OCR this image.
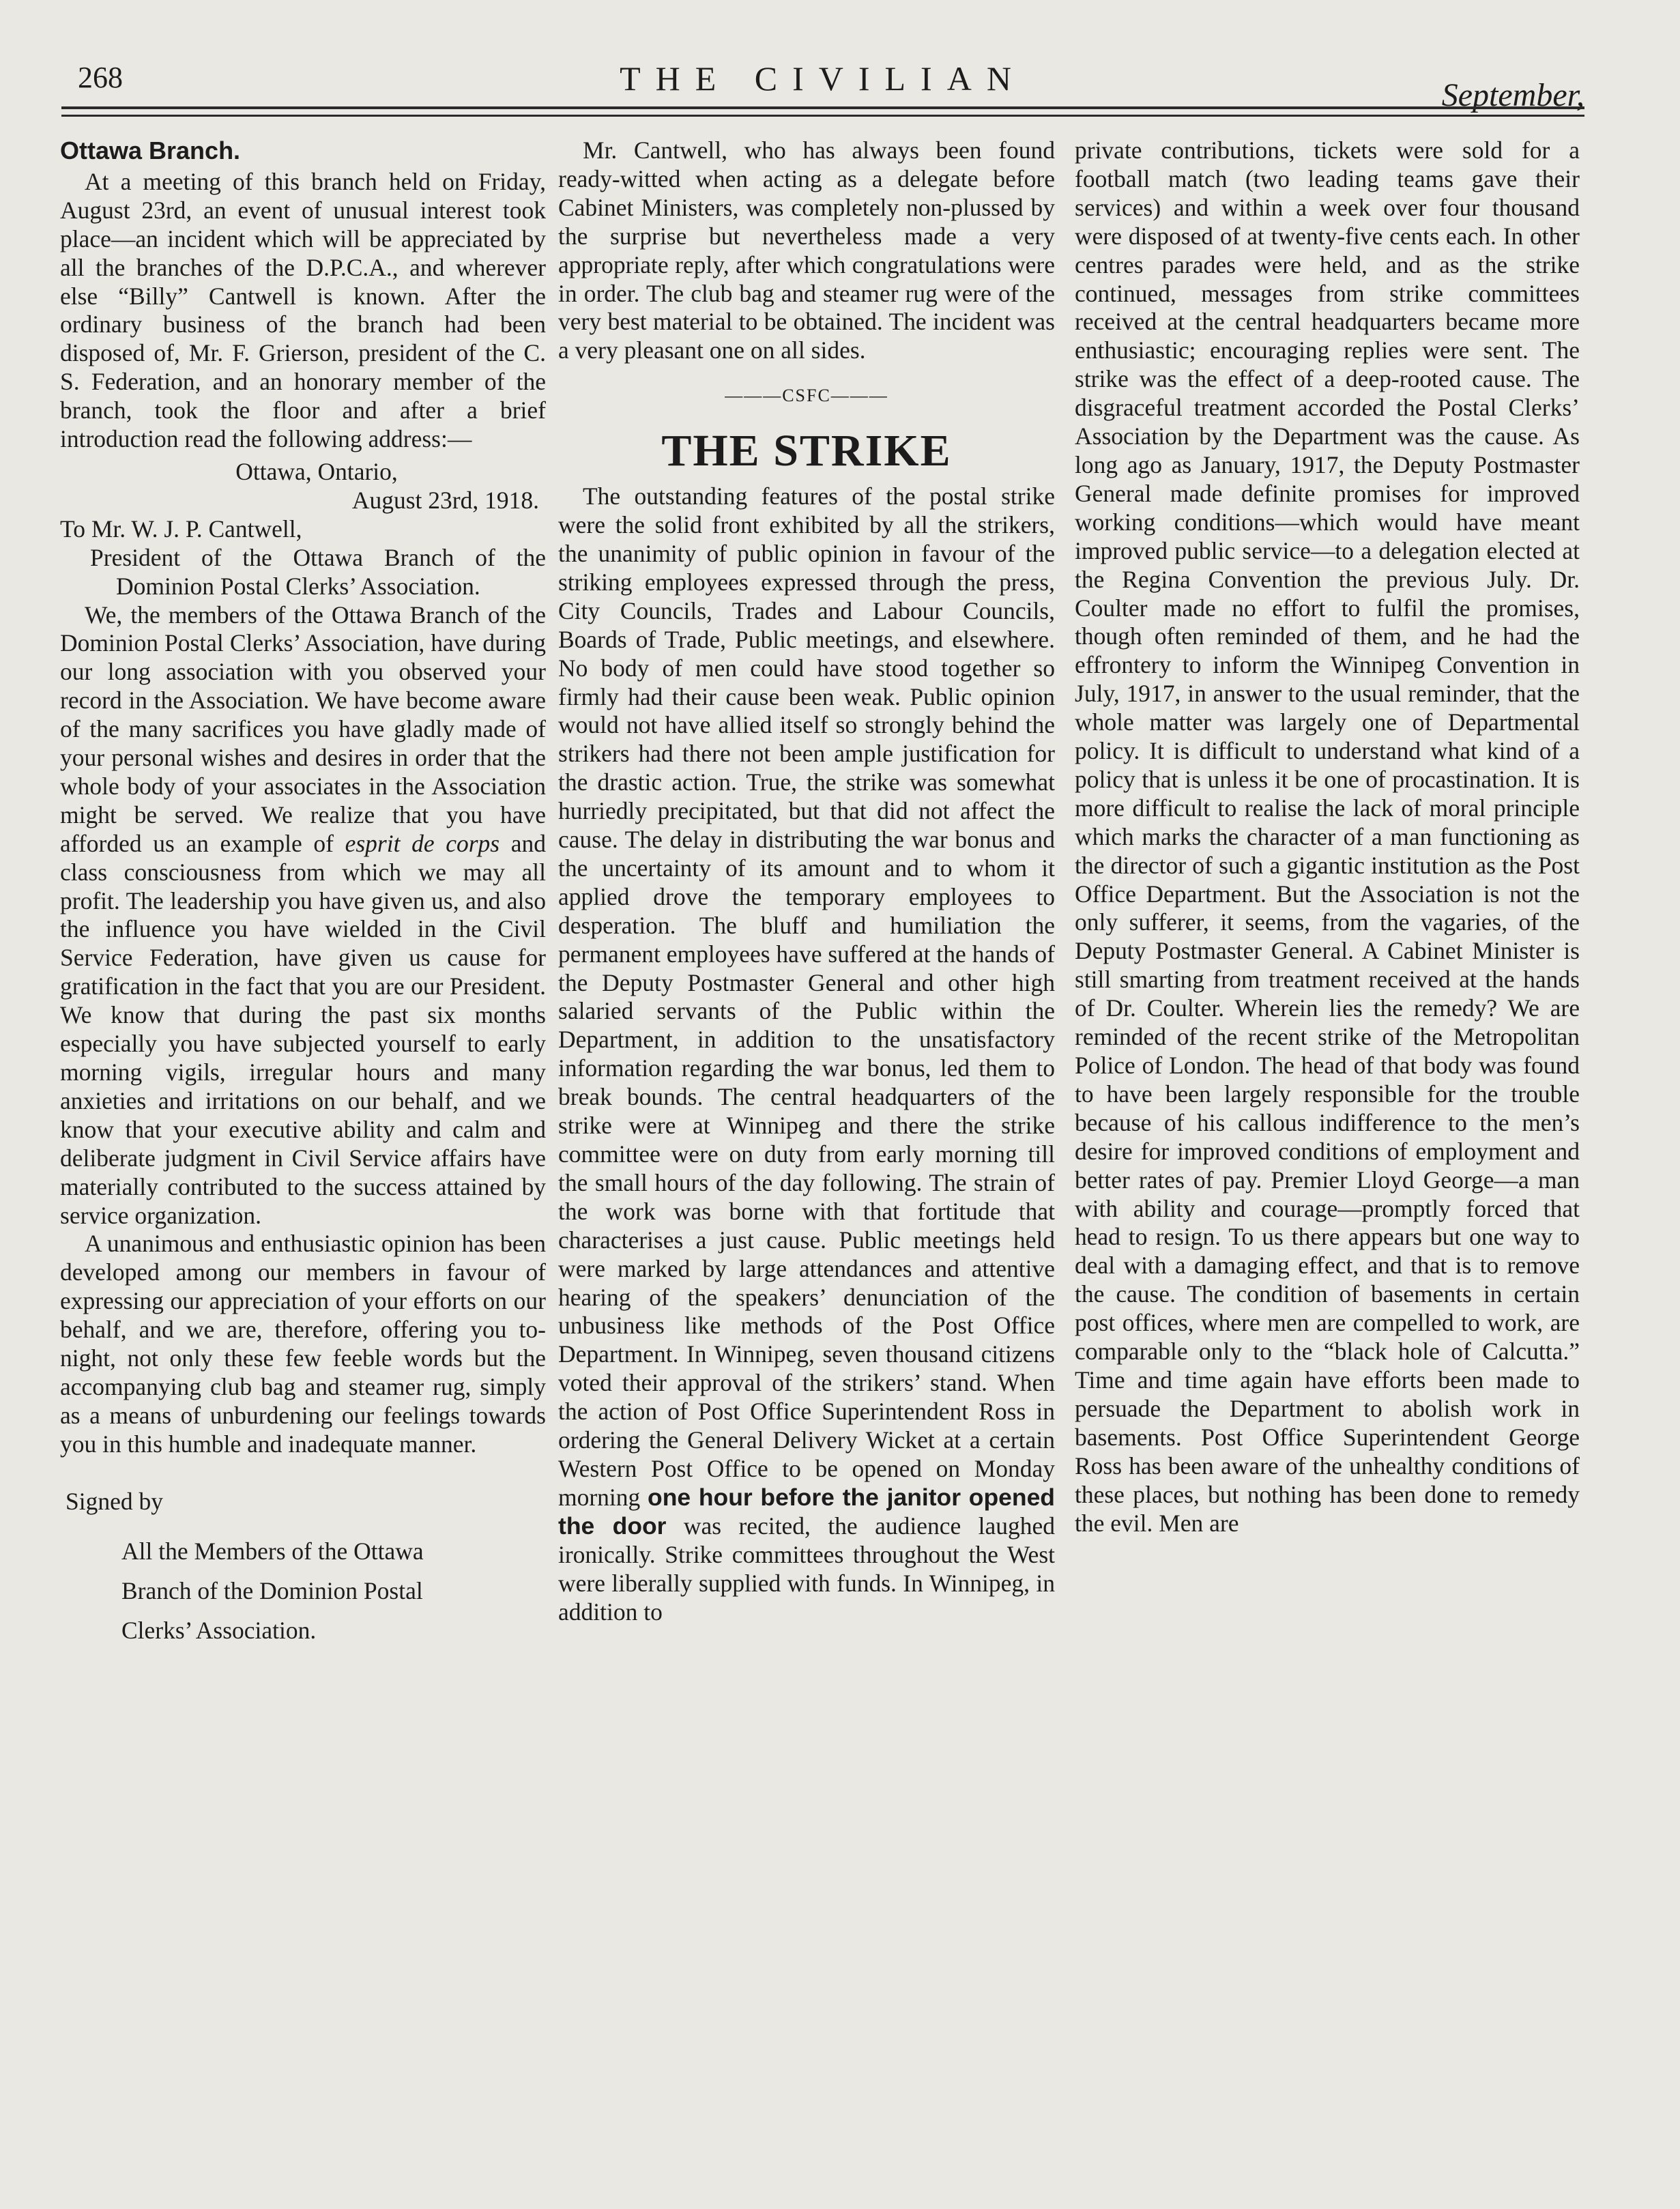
268	THE CIVILIAN	September,

Ottawa Branch.

At a meeting of this branch held on Friday, August 23rd, an event of unusual interest took place—an incident which will be appreciated by all the branches of the D.P.C.A., and wherever else “Billy” Cantwell is known. After the ordinary business of the branch had been disposed of, Mr. F. Grierson, president of the C. S. Federation, and an honorary member of the branch, took the floor and after a brief introduction read the following address:—

Ottawa, Ontario,

August 23rd, 1918.

To Mr. W. J. P. Cantwell,

President of the Ottawa Branch of the Dominion Postal Clerks’ Association.

We, the members of the Ottawa Branch of the Dominion Postal Clerks’ Association, have during our long association with you observed your record in the Association. We have become aware of the many sacrifices you have gladly made of your personal wishes and desires in order that the whole body of your associates in the Association might be served. We realize that you have afforded us an example of esprit de corps and class consciousness from which we may all profit. The leadership you have given us, and also the influence you have wielded in the Civil Service Federation, have given us cause for gratification in the fact that you are our President. We know that during the past six months especially you have subjected yourself to early morning vigils, irregular hours and many anxieties and irritations on our behalf, and we know that your executive ability and calm and deliberate judgment in Civil Service affairs have materially contributed to the success attained by service organization.

A unanimous and enthusiastic opinion has been developed among our members in favour of expressing our appreciation of your efforts on our behalf, and we are, therefore, offering you to-night, not only these few feeble words but the accompanying club bag and steamer rug, simply as a means of unburdening our feelings towards you in this humble and inadequate manner.

Signed by

All the Members of the Ottawa
Branch of the Dominion Postal
Clerks’ Association.

Mr. Cantwell, who has always been found ready-witted when acting as a delegate before Cabinet Ministers, was completely non-plussed by the surprise but nevertheless made a very appropriate reply, after which congratulations were in order. The club bag and steamer rug were of the very best material to be obtained. The incident was a very pleasant one on all sides.

———CSFC———

THE STRIKE

The outstanding features of the postal strike were the solid front exhibited by all the strikers, the unanimity of public opinion in favour of the striking employees expressed through the press, City Councils, Trades and Labour Councils, Boards of Trade, Public meetings, and elsewhere. No body of men could have stood together so firmly had their cause been weak. Public opinion would not have allied itself so strongly behind the strikers had there not been ample justification for the drastic action. True, the strike was somewhat hurriedly precipitated, but that did not affect the cause. The delay in distributing the war bonus and the uncertainty of its amount and to whom it applied drove the temporary employees to desperation. The bluff and humiliation the permanent employees have suffered at the hands of the Deputy Postmaster General and other high salaried servants of the Public within the Department, in addition to the unsatisfactory information regarding the war bonus, led them to break bounds. The central headquarters of the strike were at Winnipeg and there the strike committee were on duty from early morning till the small hours of the day following. The strain of the work was borne with that fortitude that characterises a just cause. Public meetings held were marked by large attendances and attentive hearing of the speakers’ denunciation of the unbusiness like methods of the Post Office Department. In Winnipeg, seven thousand citizens voted their approval of the strikers’ stand. When the action of Post Office Superintendent Ross in ordering the General Delivery Wicket at a certain Western Post Office to be opened on Monday morning one hour before the janitor opened the door was recited, the audience laughed ironically. Strike committees throughout the West were liberally supplied with funds. In Winnipeg, in addition to

private contributions, tickets were sold for a football match (two leading teams gave their services) and within a week over four thousand were disposed of at twenty-five cents each. In other centres parades were held, and as the strike continued, messages from strike committees received at the central headquarters became more enthusiastic; encouraging replies were sent. The strike was the effect of a deep-rooted cause. The disgraceful treatment accorded the Postal Clerks’ Association by the Department was the cause. As long ago as January, 1917, the Deputy Postmaster General made definite promises for improved working conditions—which would have meant improved public service—to a delegation elected at the Regina Convention the previous July. Dr. Coulter made no effort to fulfil the promises, though often reminded of them, and he had the effrontery to inform the Winnipeg Convention in July, 1917, in answer to the usual reminder, that the whole matter was largely one of Departmental policy. It is difficult to understand what kind of a policy that is unless it be one of procastination. It is more difficult to realise the lack of moral principle which marks the character of a man functioning as the director of such a gigantic institution as the Post Office Department. But the Association is not the only sufferer, it seems, from the vagaries, of the Deputy Postmaster General. A Cabinet Minister is still smarting from treatment received at the hands of Dr. Coulter. Wherein lies the remedy? We are reminded of the recent strike of the Metropolitan Police of London. The head of that body was found to have been largely responsible for the trouble because of his callous indifference to the men’s desire for improved conditions of employment and better rates of pay. Premier Lloyd George—a man with ability and courage—promptly forced that head to resign. To us there appears but one way to deal with a damaging effect, and that is to remove the cause. The condition of basements in certain post offices, where men are compelled to work, are comparable only to the “black hole of Calcutta.” Time and time again have efforts been made to persuade the Department to abolish work in basements. Post Office Superintendent George Ross has been aware of the unhealthy conditions of these places, but nothing has been done to remedy the evil. Men are
